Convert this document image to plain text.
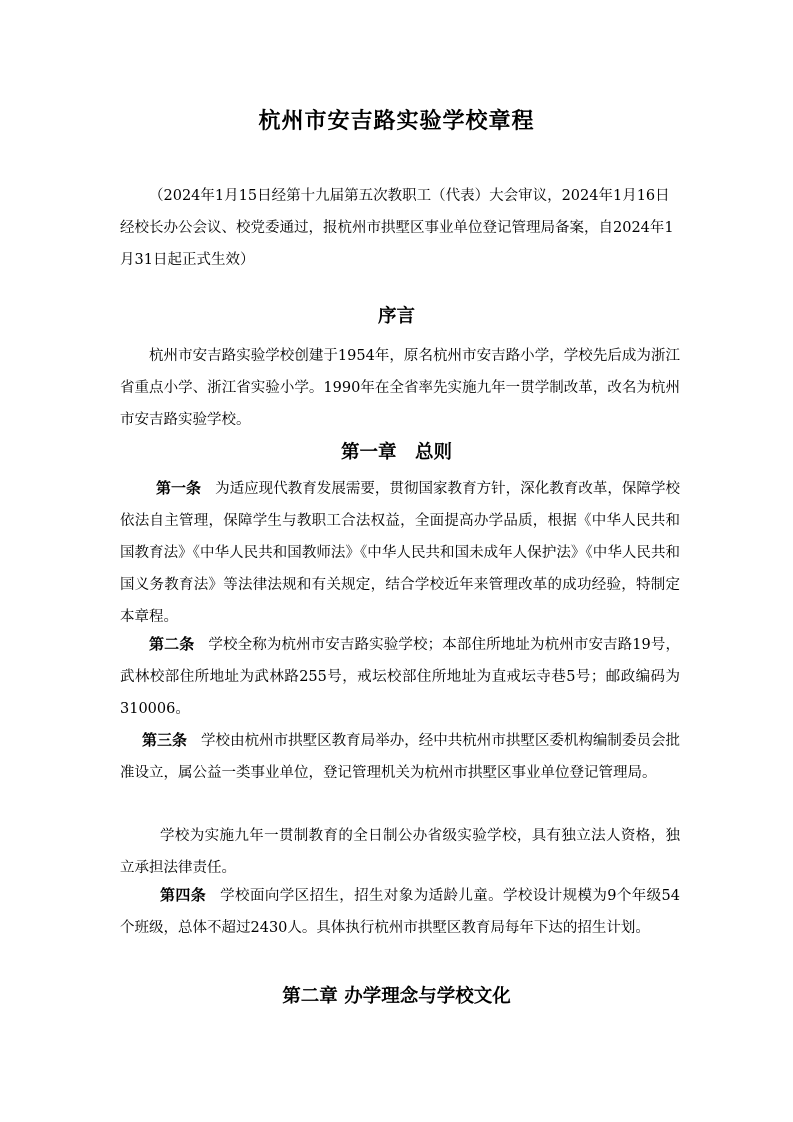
杭州市安吉路实验学校章程
（2024年1月15日经第十九届第五次教职工（代表）大会审议，2024年1月16日经校长办公会议、校党委通过，报杭州市拱墅区事业单位登记管理局备案，自2024年1月31日起正式生效）
序言
杭州市安吉路实验学校创建于1954年，原名杭州市安吉路小学，学校先后成为浙江省重点小学、浙江省实验小学。1990年在全省率先实施九年一贯学制改革，改名为杭州市安吉路实验学校。
第一章　总则
第一条 为适应现代教育发展需要，贯彻国家教育方针，深化教育改革，保障学校依法自主管理，保障学生与教职工合法权益，全面提高办学品质，根据《中华人民共和国教育法》《中华人民共和国教师法》《中华人民共和国未成年人保护法》《中华人民共和国义务教育法》等法律法规和有关规定，结合学校近年来管理改革的成功经验，特制定本章程。
第二条 学校全称为杭州市安吉路实验学校；本部住所地址为杭州市安吉路19号，武林校部住所地址为武林路255号，戒坛校部住所地址为直戒坛寺巷5号；邮政编码为310006。
第三条 学校由杭州市拱墅区教育局举办，经中共杭州市拱墅区委机构编制委员会批准设立，属公益一类事业单位，登记管理机关为杭州市拱墅区事业单位登记管理局。
学校为实施九年一贯制教育的全日制公办省级实验学校，具有独立法人资格，独立承担法律责任。
第四条 学校面向学区招生，招生对象为适龄儿童。学校设计规模为9个年级54个班级，总体不超过2430人。具体执行杭州市拱墅区教育局每年下达的招生计划。
第二章 办学理念与学校文化
